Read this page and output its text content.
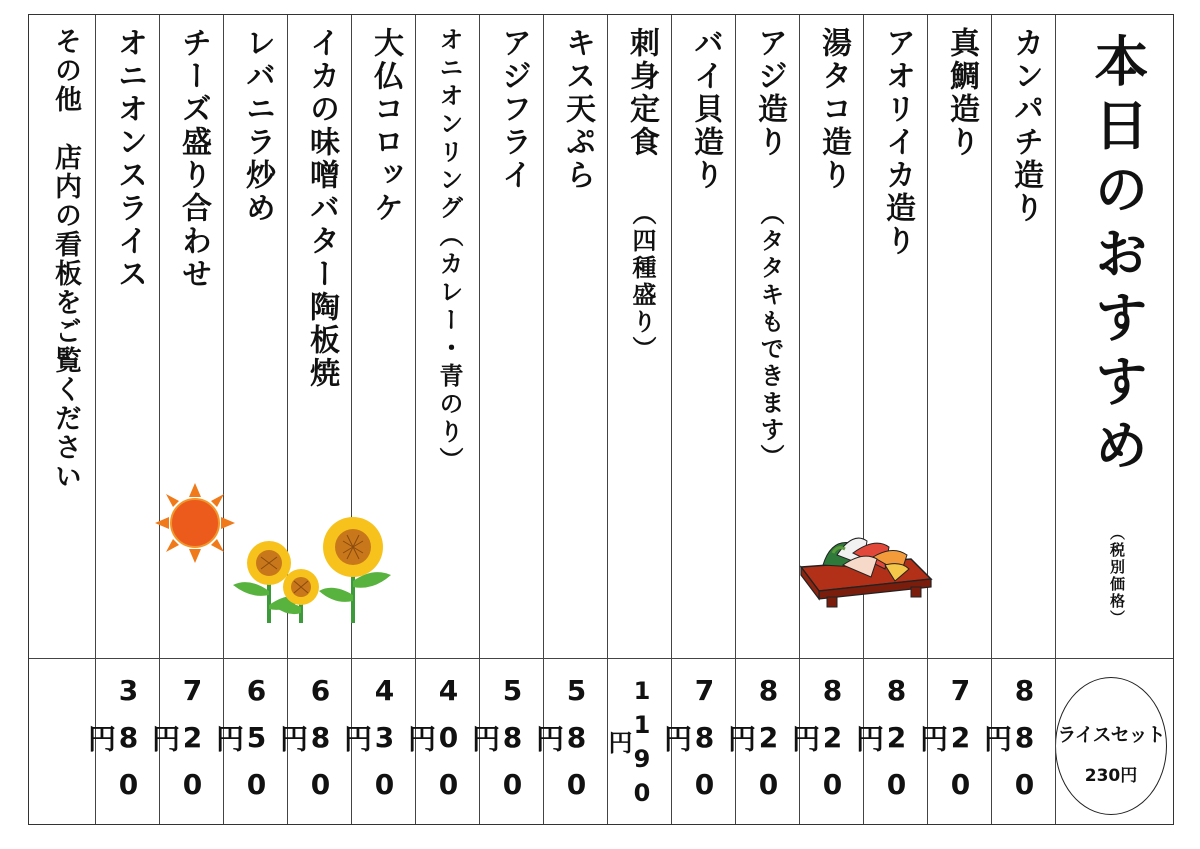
本日のおすすめ
（税別価格）
ライスセット
230円
カンパチ造り
880円
真鯛造り
720円
アオリイカ造り
820円
湯タコ造り
820円
アジ造り
（タタキもできます）
820円
バイ貝造り
780円
刺身定食
（四種盛り）
1190円
キス天ぷら
580円
アジフライ
580円
オニオンリング（カレー・青のり）
400円
大仏コロッケ
430円
イカの味噌バター陶板焼
680円
レバニラ炒め
650円
チーズ盛り合わせ
720円
オニオンスライス
380円
その他　店内の看板をご覧ください
